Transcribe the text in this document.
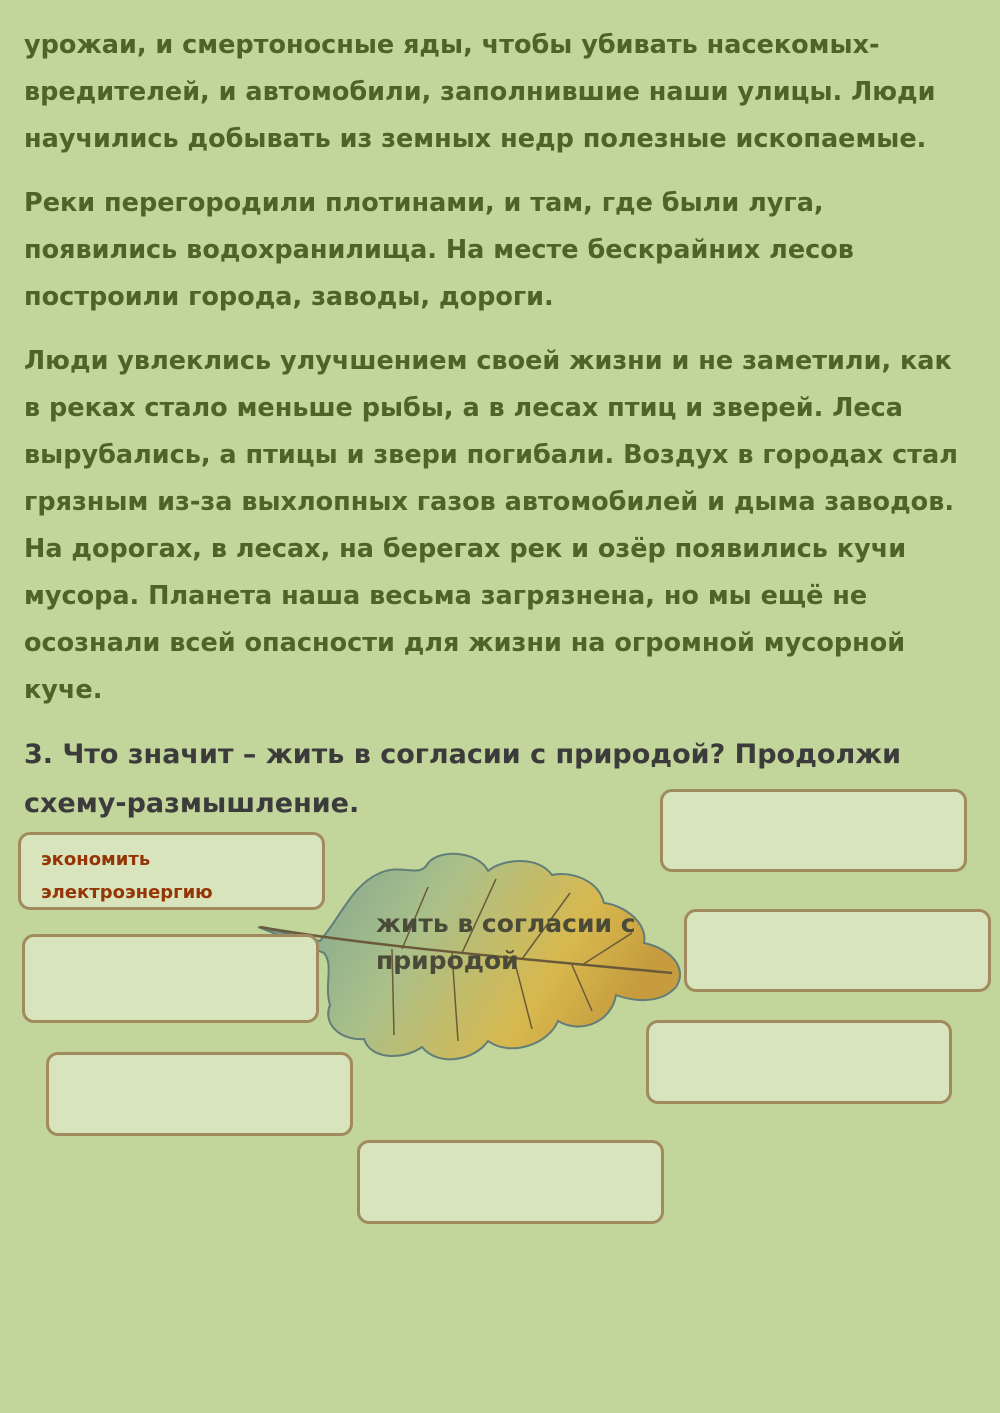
урожаи, и смертоносные яды, чтобы убивать насекомых-вредителей, и автомобили, заполнившие наши улицы. Люди научились добывать из земных недр полезные ископаемые.

Реки перегородили плотинами, и там, где были луга, появились водохранилища. На месте бескрайних лесов построили города, заводы, дороги.

Люди увлеклись улучшением своей жизни и не заметили, как в реках стало меньше рыбы, а в лесах птиц и зверей. Леса вырубались, а птицы и звери погибали. Воздух в городах стал грязным из-за выхлопных газов автомобилей и дыма заводов. На дорогах, в лесах, на берегах рек и озёр появились кучи мусора. Планета наша весьма загрязнена, но мы ещё не осознали всей опасности для жизни на огромной мусорной куче.

3. Что значит – жить в согласии с природой? Продолжи схему-размышление.

жить в согласии с природой
экономить электроэнергию
